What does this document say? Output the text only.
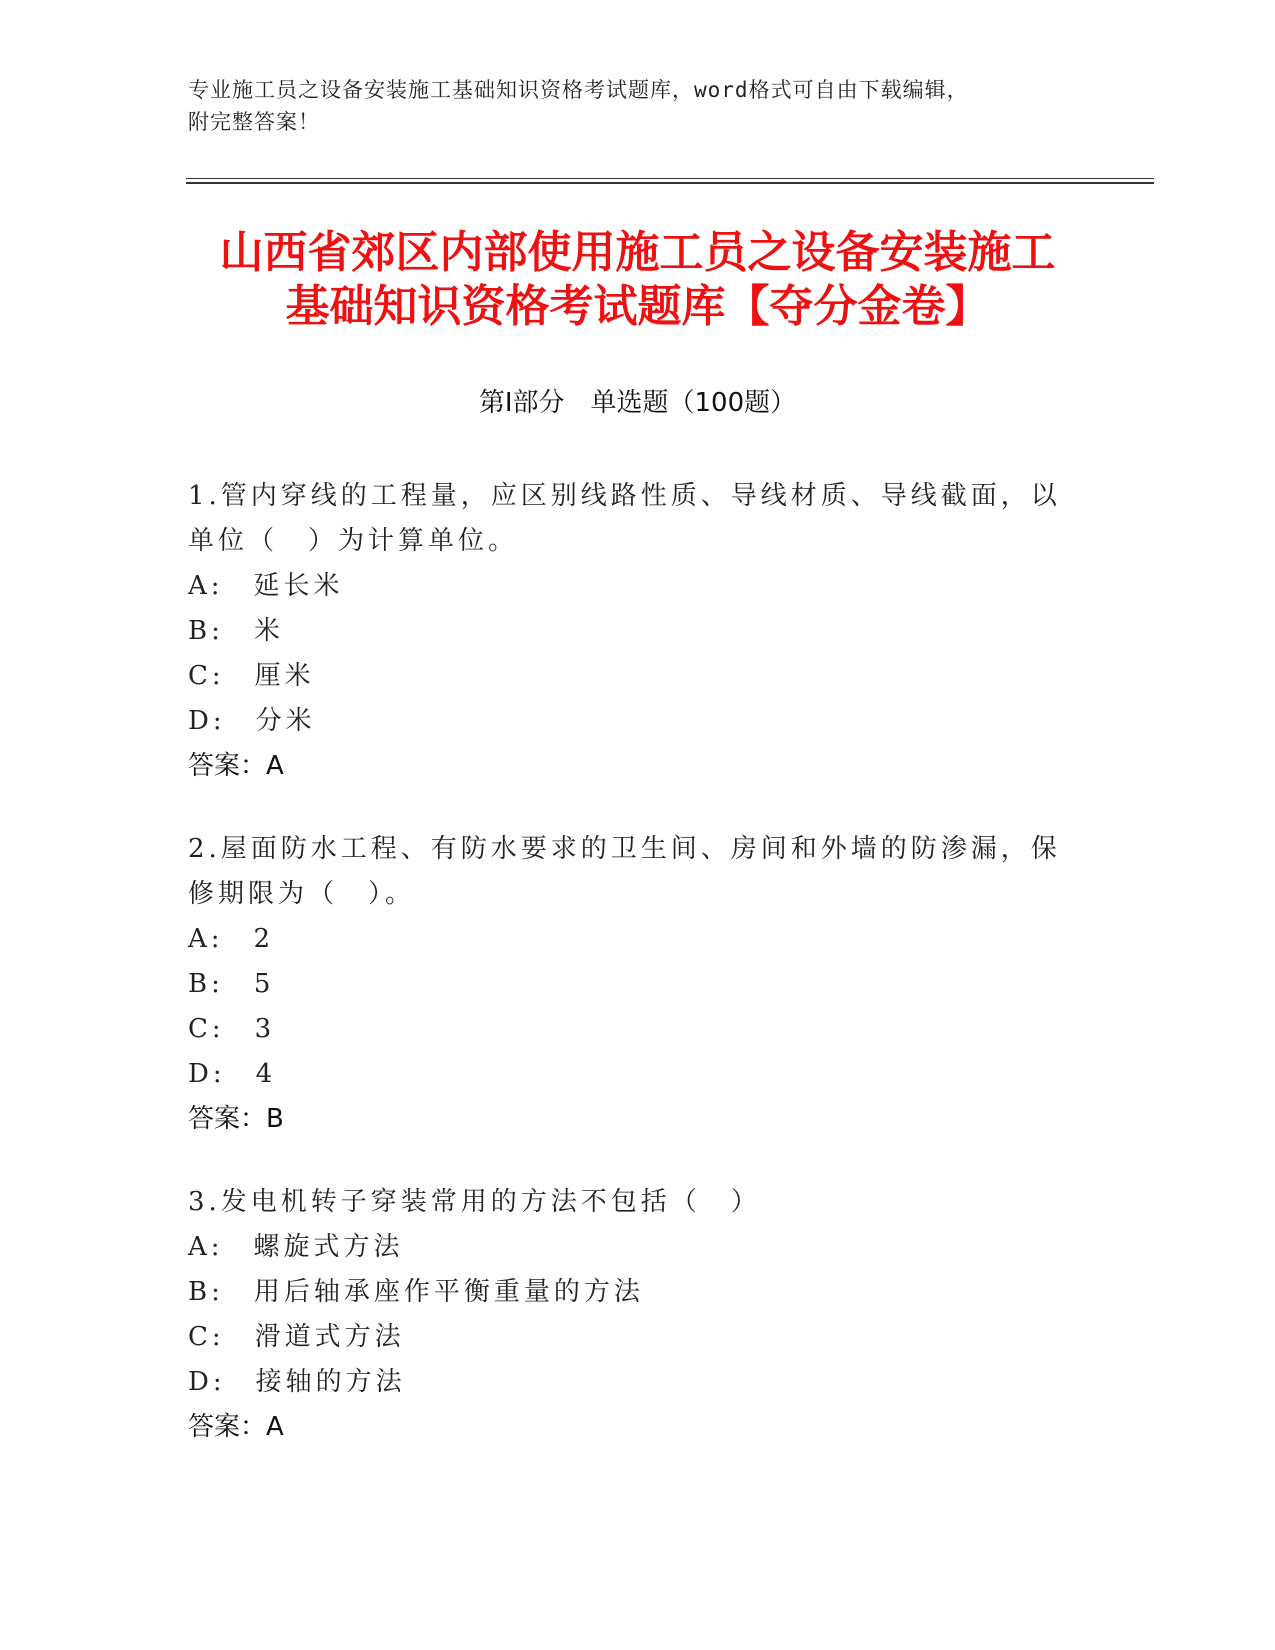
专业施工员之设备安装施工基础知识资格考试题库，word格式可自由下载编辑，
附完整答案！
山西省郊区内部使用施工员之设备安装施工
基础知识资格考试题库【夺分金卷】
第I部分　单选题（100题）
1.管内穿线的工程量，应区别线路性质、导线材质、导线截面，以单位（　）为计算单位。
A:　延长米
B:　米
C:　厘米
D:　分米
答案：A
2.屋面防水工程、有防水要求的卫生间、房间和外墙的防渗漏，保修期限为（　）。
A:　2
B:　5
C:　3
D:　4
答案：B
3.发电机转子穿装常用的方法不包括（　）
A:　螺旋式方法
B:　用后轴承座作平衡重量的方法
C:　滑道式方法
D:　接轴的方法
答案：A
